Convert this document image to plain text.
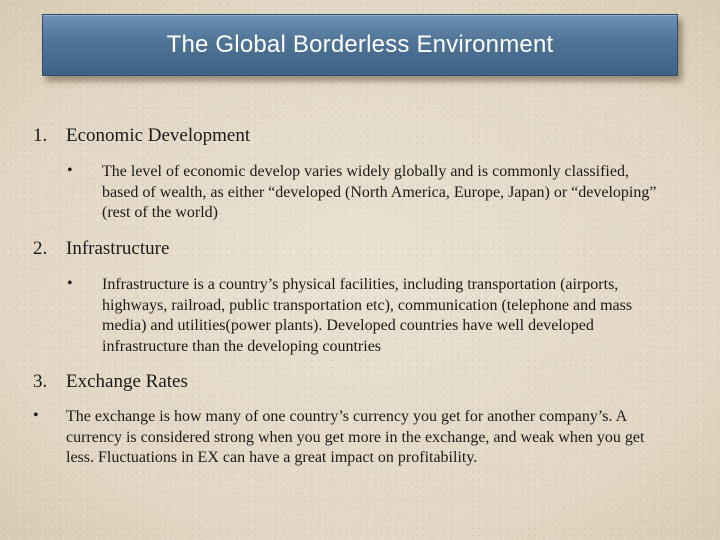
The Global Borderless Environment
1. Economic Development
•	The level of economic develop varies widely globally and is commonly classified, based of wealth, as either “developed (North America, Europe, Japan) or “developing” (rest of the world)
2. Infrastructure
•	Infrastructure is a country’s physical facilities, including transportation (airports, highways, railroad, public transportation etc), communication (telephone and mass media) and utilities(power plants). Developed countries have well developed infrastructure than the developing countries
3. Exchange Rates
•	The exchange is how many of one country’s currency you get for another company’s. A currency is considered strong when you get more in the exchange, and weak when you get less. Fluctuations in EX can have a great impact on profitability.
